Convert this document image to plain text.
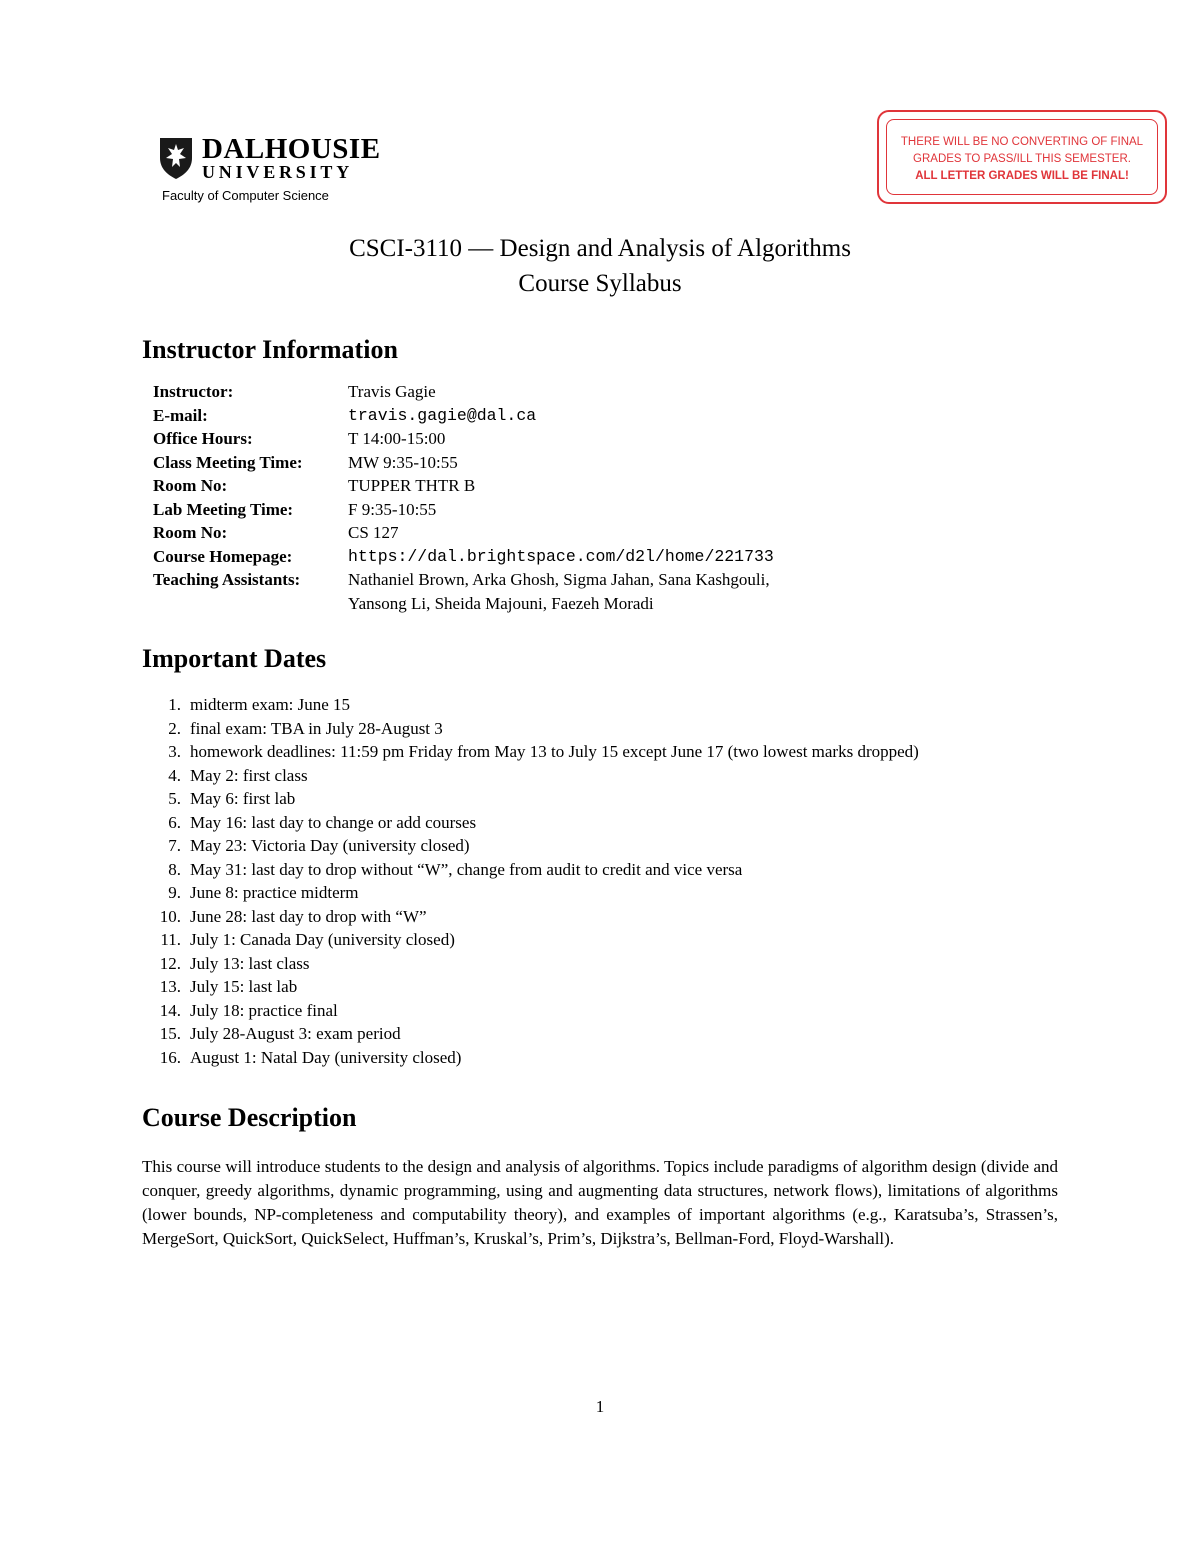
DALHOUSIE
UNIVERSITY
Faculty of Computer Science
THERE WILL BE NO CONVERTING OF FINAL
GRADES TO PASS/ILL THIS SEMESTER.
ALL LETTER GRADES WILL BE FINAL!
CSCI-3110 — Design and Analysis of Algorithms
Course Syllabus
Instructor Information
Instructor:	Travis Gagie
E-mail:	travis.gagie@dal.ca
Office Hours:	T 14:00-15:00
Class Meeting Time:	MW 9:35-10:55
Room No:	TUPPER THTR B
Lab Meeting Time:	F 9:35-10:55
Room No:	CS 127
Course Homepage:	https://dal.brightspace.com/d2l/home/221733
Teaching Assistants:	Nathaniel Brown, Arka Ghosh, Sigma Jahan, Sana Kashgouli,
Yansong Li, Sheida Majouni, Faezeh Moradi
Important Dates
1. midterm exam: June 15
2. final exam: TBA in July 28-August 3
3. homework deadlines: 11:59 pm Friday from May 13 to July 15 except June 17 (two lowest marks dropped)
4. May 2: first class
5. May 6: first lab
6. May 16: last day to change or add courses
7. May 23: Victoria Day (university closed)
8. May 31: last day to drop without “W”, change from audit to credit and vice versa
9. June 8: practice midterm
10. June 28: last day to drop with “W”
11. July 1: Canada Day (university closed)
12. July 13: last class
13. July 15: last lab
14. July 18: practice final
15. July 28-August 3: exam period
16. August 1: Natal Day (university closed)
Course Description

This course will introduce students to the design and analysis of algorithms. Topics include paradigms of algorithm design (divide and conquer, greedy algorithms, dynamic programming, using and augmenting data structures, network flows), limitations of algorithms (lower bounds, NP-completeness and computability theory), and examples of important algorithms (e.g., Karatsuba’s, Strassen’s, MergeSort, QuickSort, QuickSelect, Huffman’s, Kruskal’s, Prim’s, Dijkstra’s, Bellman-Ford, Floyd-Warshall).

1
